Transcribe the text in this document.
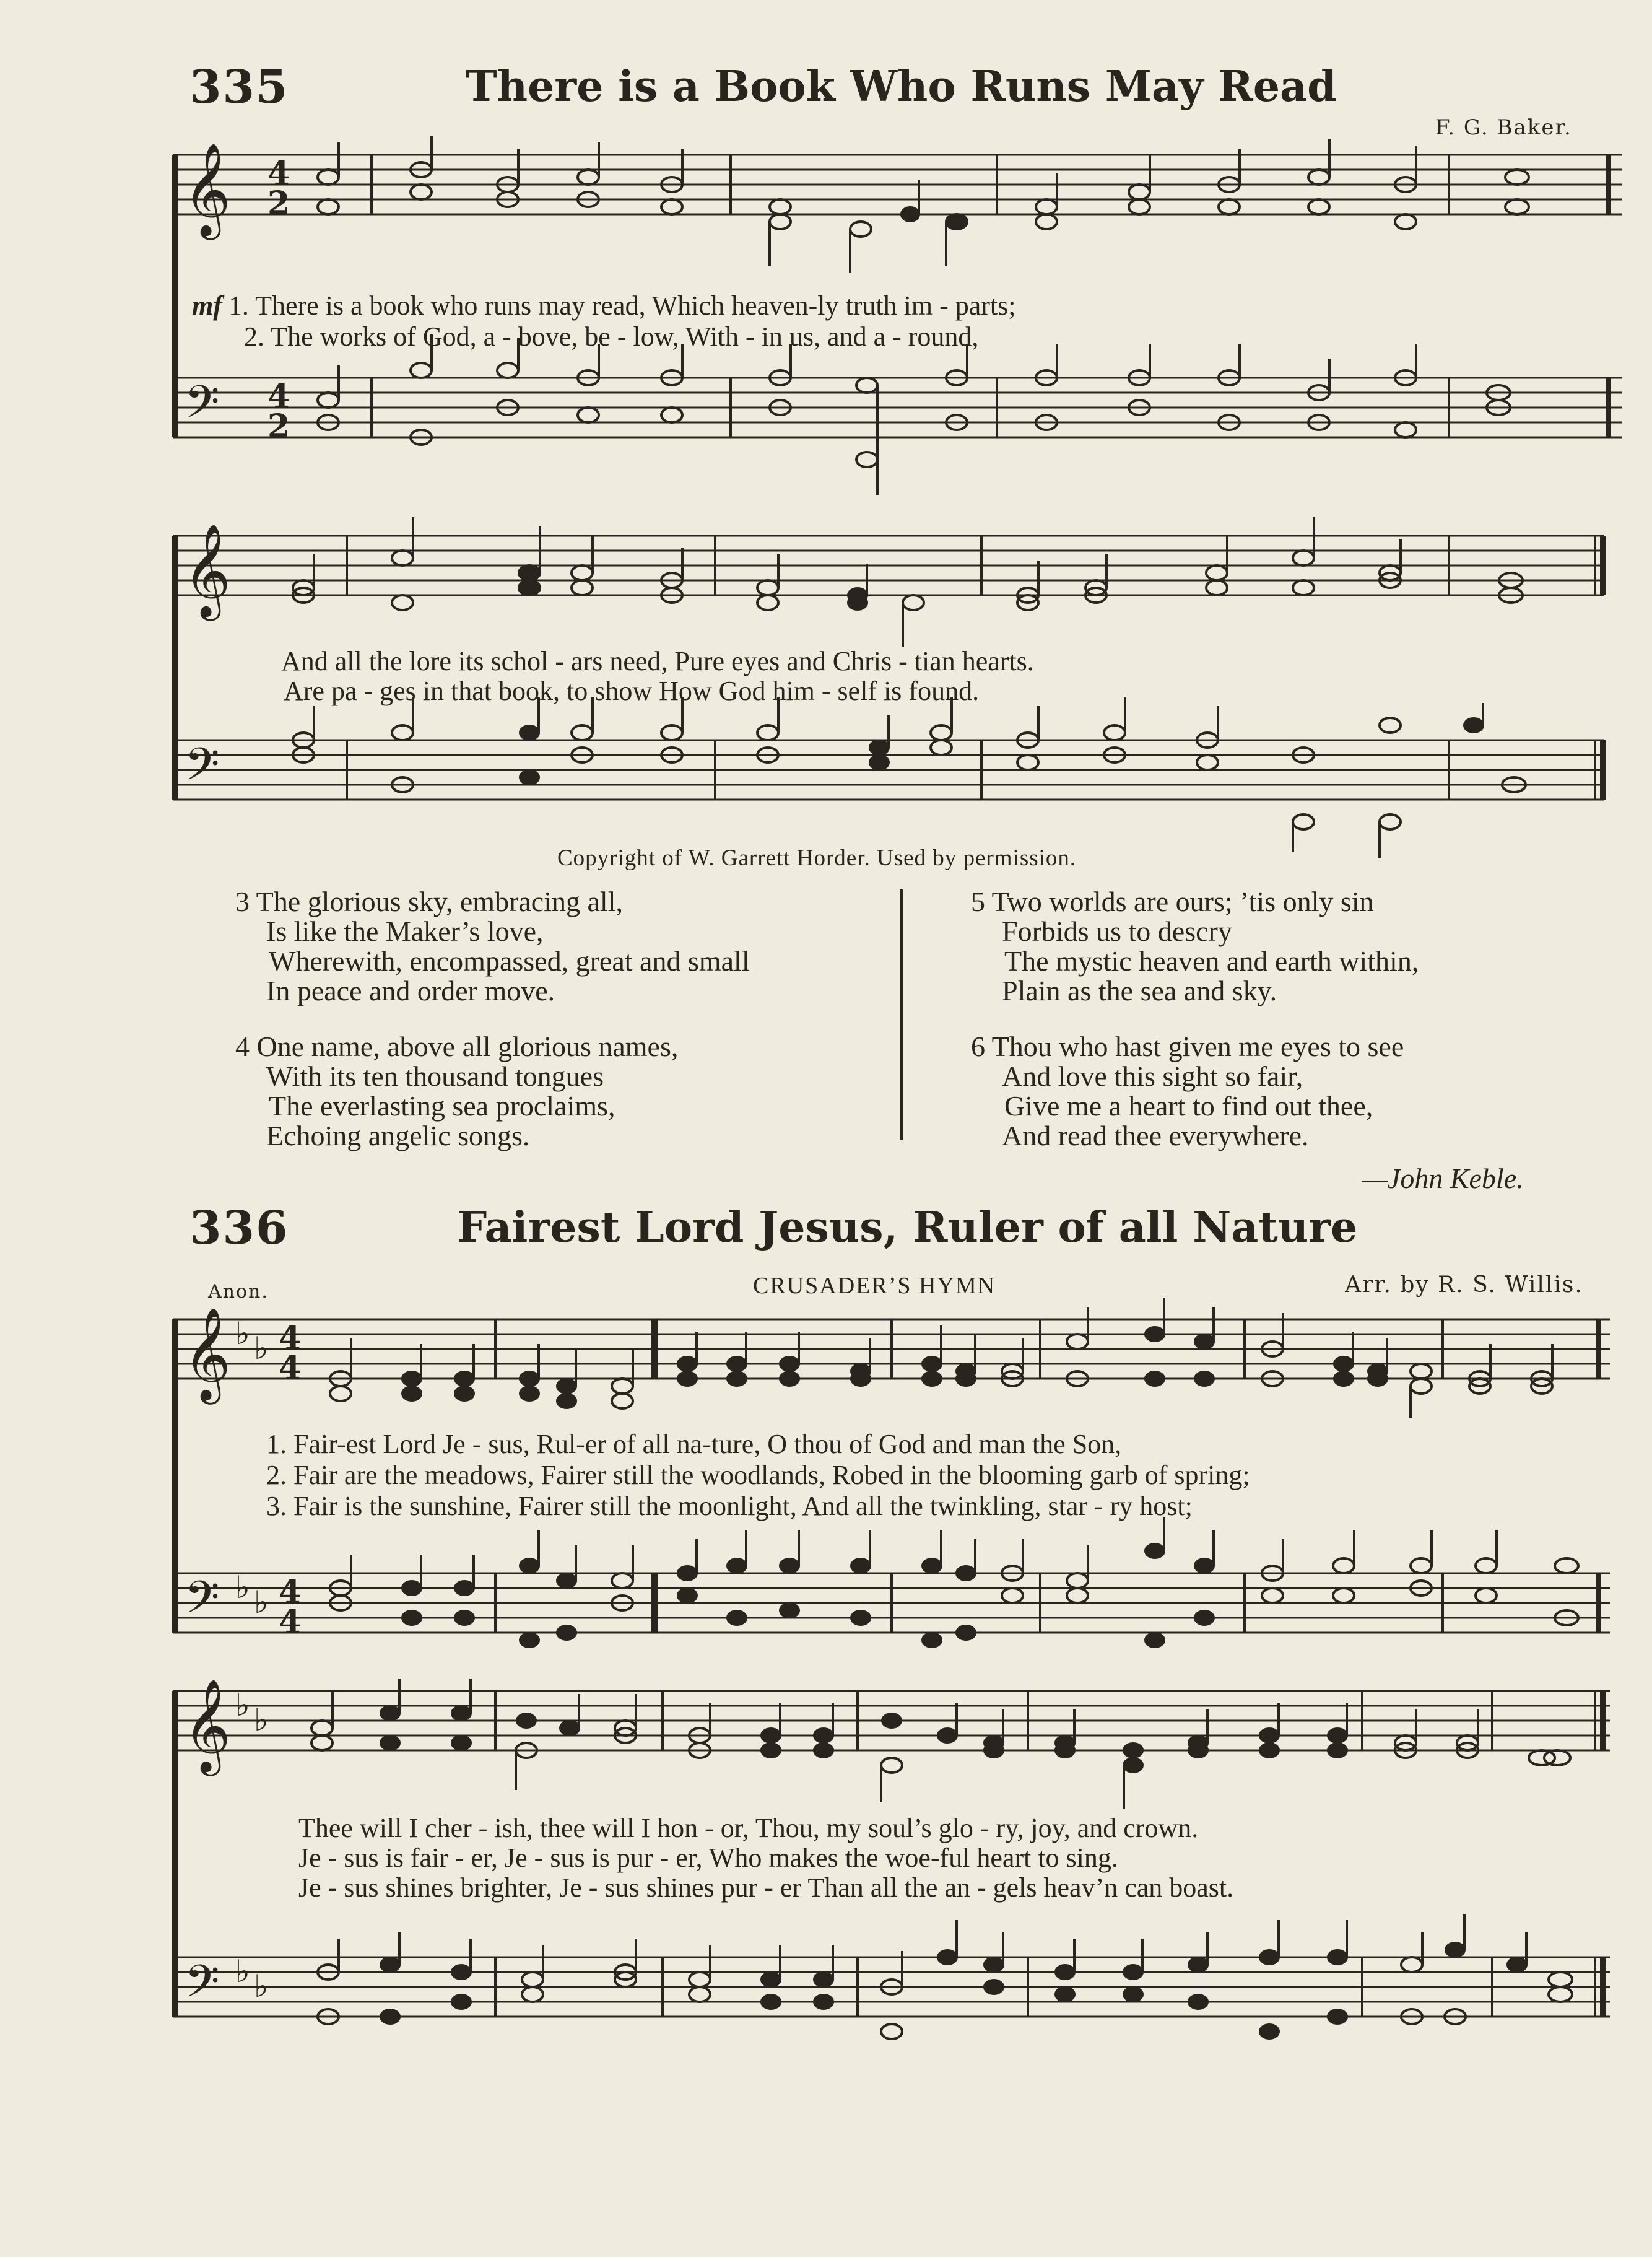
335	There is a Book Who Runs May Read
F. G. Baker.
𝄞
𝄢
4
2
4
2
mf 1. There is a book who runs may read, Which heaven-ly truth im - parts;
2. The works of God, a - bove, be - low, With - in us, and a - round,
𝄞
𝄢
And all the lore its schol - ars need, Pure eyes and Chris - tian hearts.
Are pa - ges in that book, to show How God him - self is found.
Copyright of W. Garrett Horder. Used by permission.
3 The glorious sky, embracing all,
Is like the Maker’s love,
Wherewith, encompassed, great and small
In peace and order move.
4 One name, above all glorious names,
With its ten thousand tongues
The everlasting sea proclaims,
Echoing angelic songs.
5 Two worlds are ours; ’tis only sin
Forbids us to descry
The mystic heaven and earth within,
Plain as the sea and sky.
6 Thou who hast given me eyes to see
And love this sight so fair,
Give me a heart to find out thee,
And read thee everywhere.
—John Keble.
336	Fairest Lord Jesus, Ruler of all Nature
Anon.	CRUSADER’S HYMN	Arr. by R. S. Willis.
𝄞
𝄢
♭ ♭
♭ ♭
4
4
4
4
1. Fair-est Lord Je - sus, Rul-er of all na-ture, O thou of God and man the Son,
2. Fair are the meadows, Fairer still the woodlands, Robed in the blooming garb of spring;
3. Fair is the sunshine, Fairer still the moonlight, And all the twinkling, star - ry host;
𝄞
𝄢
♭ ♭
♭ ♭
Thee will I cher - ish, thee will I hon - or, Thou, my soul’s glo - ry, joy, and crown.
Je - sus is fair - er, Je - sus is pur - er, Who makes the woe-ful heart to sing.
Je - sus shines brighter, Je - sus shines pur - er Than all the an - gels heav’n can boast.
